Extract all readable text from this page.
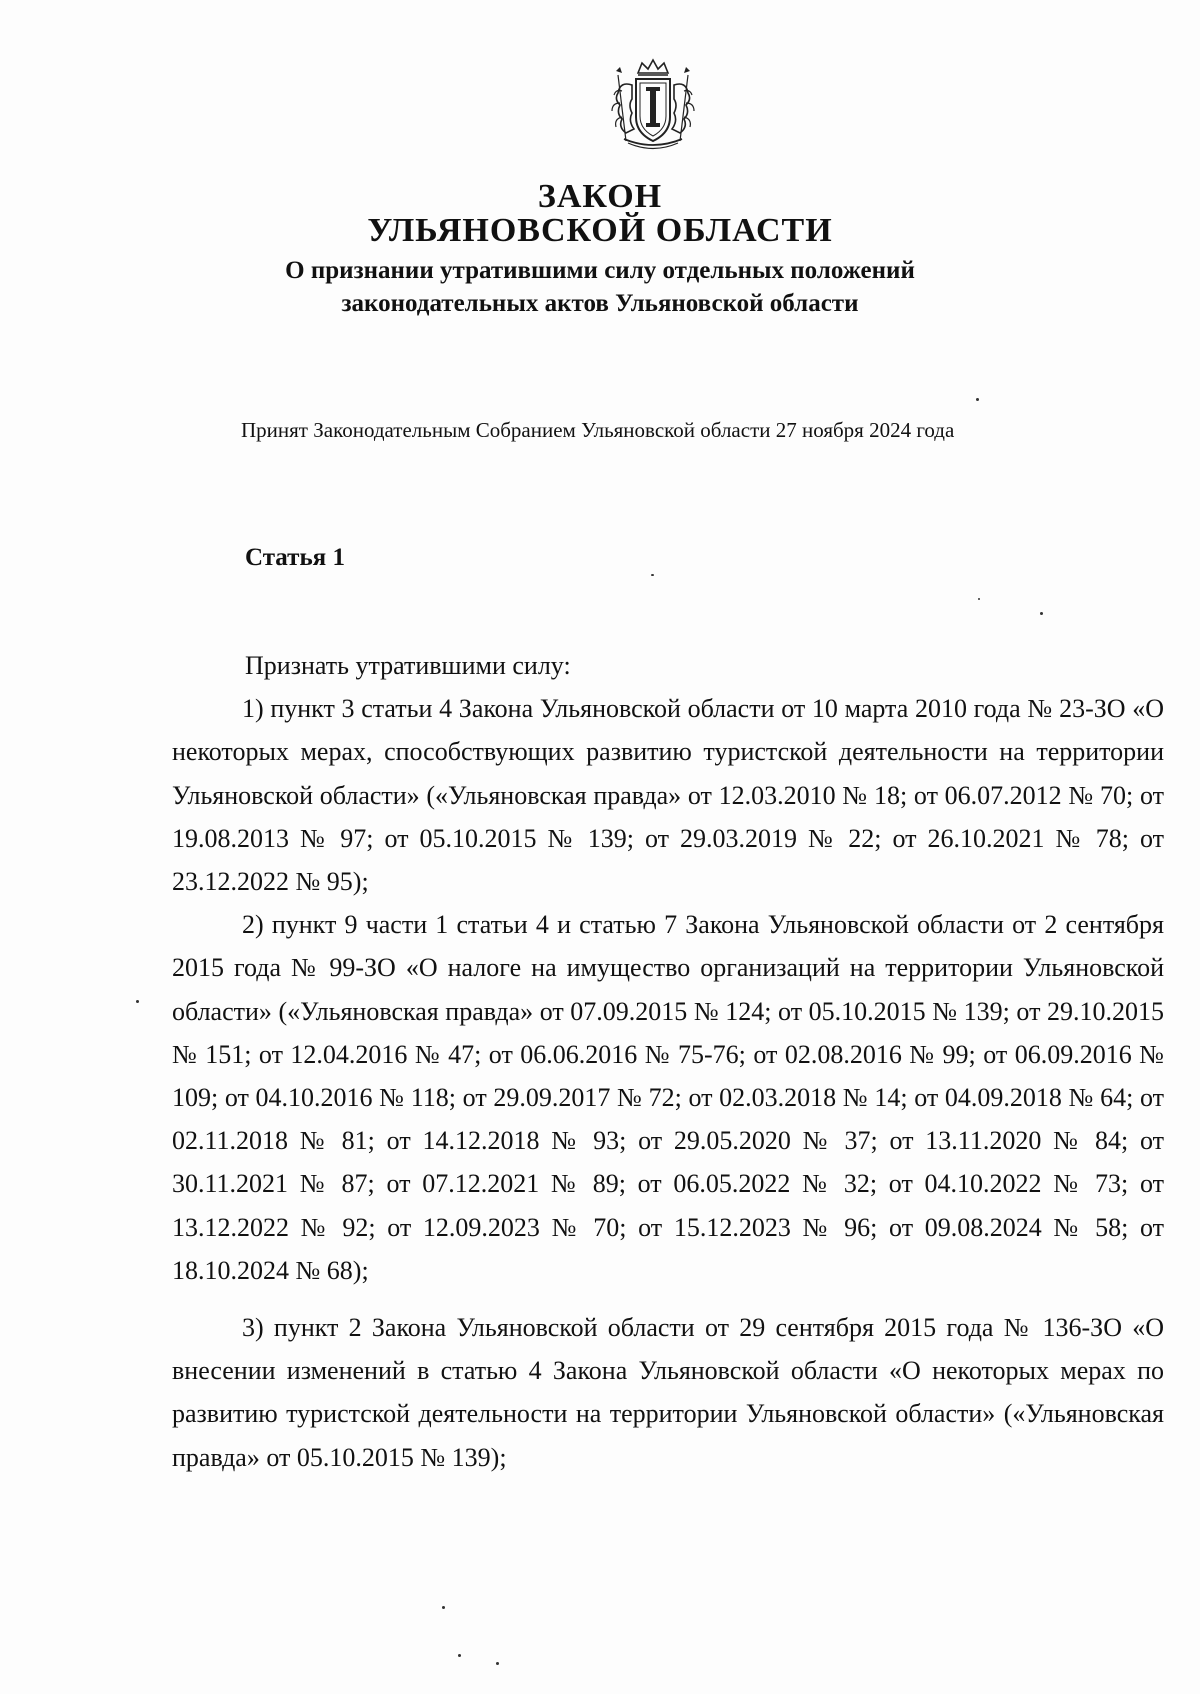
ЗАКОН
УЛЬЯНОВСКОЙ ОБЛАСТИ
О признании утратившими силу отдельных положений
законодательных актов Ульяновской области
Принят Законодательным Собранием Ульяновской области 27 ноября 2024 года
Статья 1

Признать утратившими силу:

1) пункт 3 статьи 4 Закона Ульяновской области от 10 марта 2010 года № 23-ЗО «О некоторых мерах, способствующих развитию туристской деятельности на территории Ульяновской области» («Ульяновская правда» от 12.03.2010 № 18; от 06.07.2012 № 70; от 19.08.2013 № 97; от 05.10.2015 № 139; от 29.03.2019 № 22; от 26.10.2021 № 78; от 23.12.2022 № 95);

2) пункт 9 части 1 статьи 4 и статью 7 Закона Ульяновской области от 2 сентября 2015 года № 99-ЗО «О налоге на имущество организаций на территории Ульяновской области» («Ульяновская правда» от 07.09.2015 № 124; от 05.10.2015 № 139; от 29.10.2015 № 151; от 12.04.2016 № 47; от 06.06.2016 № 75-76; от 02.08.2016 № 99; от 06.09.2016 № 109; от 04.10.2016 № 118; от 29.09.2017 № 72; от 02.03.2018 № 14; от 04.09.2018 № 64; от 02.11.2018 № 81; от 14.12.2018 № 93; от 29.05.2020 № 37; от 13.11.2020 № 84; от 30.11.2021 № 87; от 07.12.2021 № 89; от 06.05.2022 № 32; от 04.10.2022 № 73; от 13.12.2022 № 92; от 12.09.2023 № 70; от 15.12.2023 № 96; от 09.08.2024 № 58; от 18.10.2024 № 68);

3) пункт 2 Закона Ульяновской области от 29 сентября 2015 года № 136-ЗО «О внесении изменений в статью 4 Закона Ульяновской области «О некоторых мерах по развитию туристской деятельности на территории Ульяновской области» («Ульяновская правда» от 05.10.2015 № 139);
